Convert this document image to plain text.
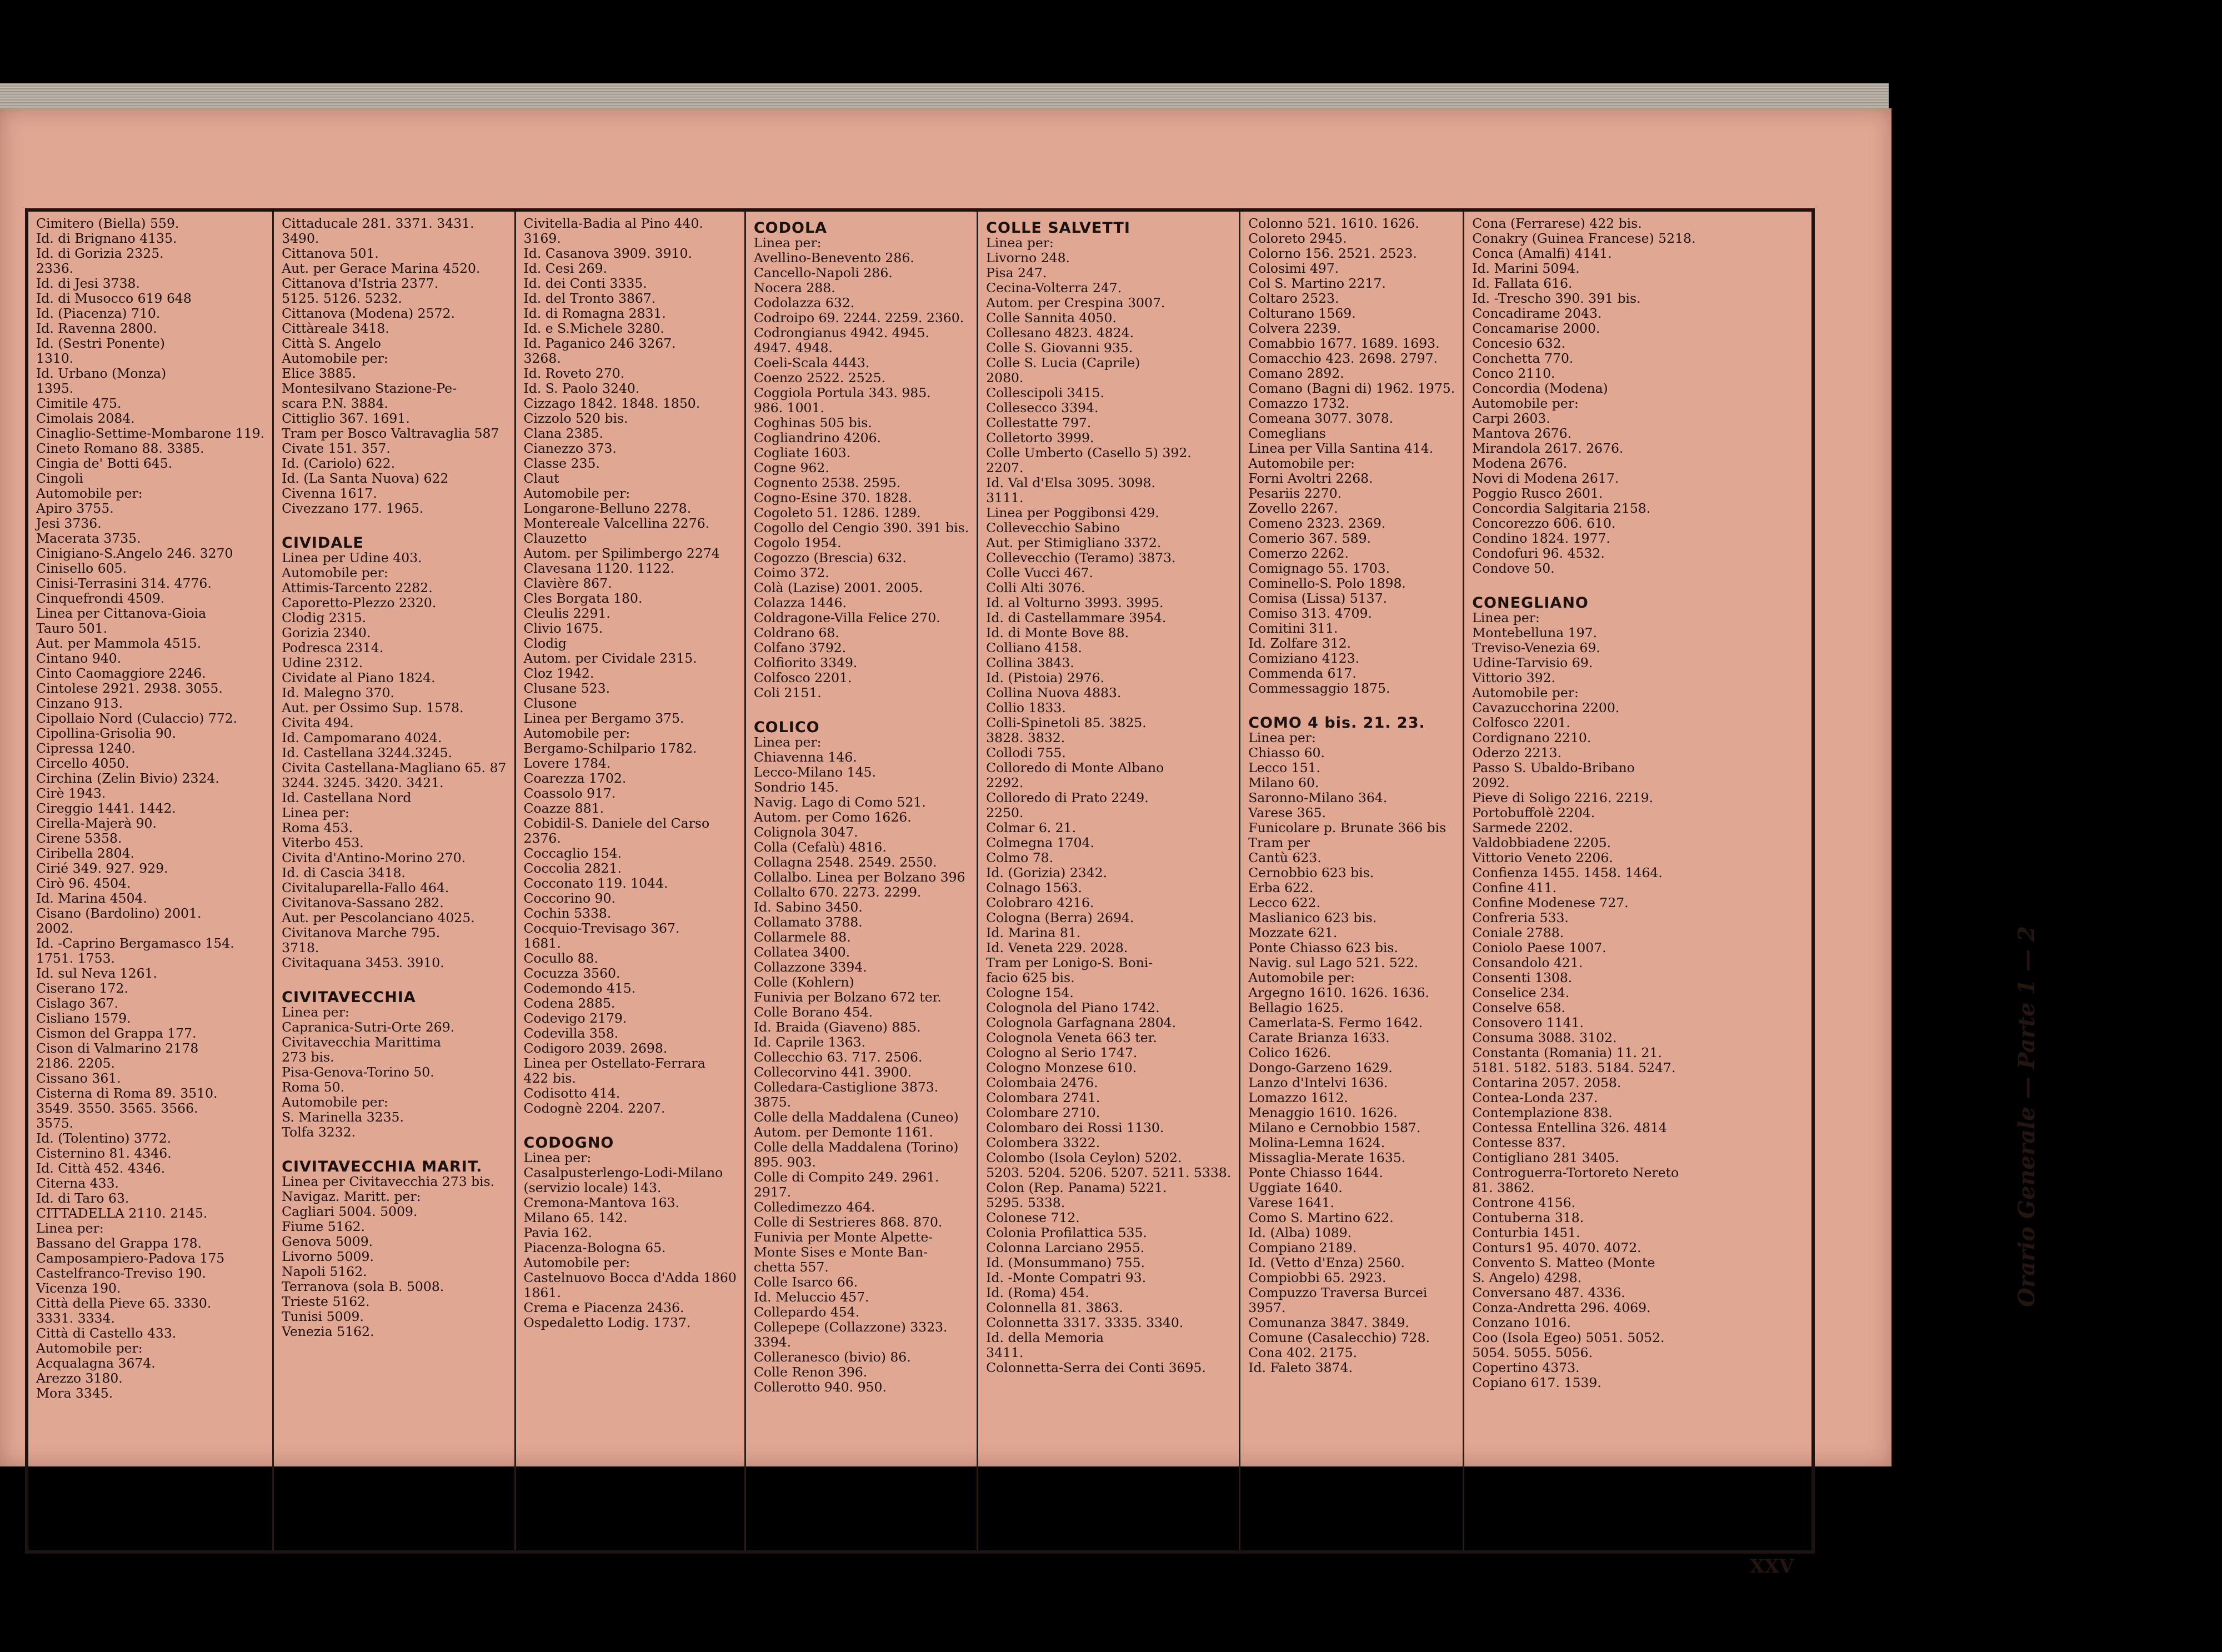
Cimitero (Biella) 559.
Id. di Brignano 4135.
Id. di Gorizia 2325.
2336.
Id. di Jesi 3738.
Id. di Musocco 619 648
Id. (Piacenza) 710.
Id. Ravenna 2800.
Id. (Sestri Ponente)
1310.
Id. Urbano (Monza)
1395.
Cimitile 475.
Cimolais 2084.
Cinaglio-Settime-Mombarone 119.
Cineto Romano 88. 3385.
Cingia de' Botti 645.
Cingoli
Automobile per:
Apiro 3755.
Jesi 3736.
Macerata 3735.
Cinigiano-S.Angelo 246. 3270
Cinisello 605.
Cinisi-Terrasini 314. 4776.
Cinquefrondi 4509.
Linea per Cittanova-Gioia
Tauro 501.
Aut. per Mammola 4515.
Cintano 940.
Cinto Caomaggiore 2246.
Cintolese 2921. 2938. 3055.
Cinzano 913.
Cipollaio Nord (Culaccio) 772.
Cipollina-Grisolia 90.
Cipressa 1240.
Circello 4050.
Circhina (Zelin Bivio) 2324.
Cirè 1943.
Cireggio 1441. 1442.
Cirella-Majerà 90.
Cirene 5358.
Ciribella 2804.
Cirié 349. 927. 929.
Cirò 96. 4504.
Id. Marina 4504.
Cisano (Bardolino) 2001.
2002.
Id. -Caprino Bergamasco 154.
1751. 1753.
Id. sul Neva 1261.
Ciserano 172.
Cislago 367.
Cisliano 1579.
Cismon del Grappa 177.
Cison di Valmarino 2178
2186. 2205.
Cissano 361.
Cisterna di Roma 89. 3510.
3549. 3550. 3565. 3566.
3575.
Id. (Tolentino) 3772.
Cisternino 81. 4346.
Id. Città 452. 4346.
Citerna 433.
Id. di Taro 63.
CITTADELLA 2110. 2145.
Linea per:
Bassano del Grappa 178.
Camposampiero-Padova 175
Castelfranco-Treviso 190.
Vicenza 190.
Città della Pieve 65. 3330.
3331. 3334.
Città di Castello 433.
Automobile per:
Acqualagna 3674.
Arezzo 3180.
Mora 3345.
Cittaducale 281. 3371. 3431.
3490.
Cittanova 501.
Aut. per Gerace Marina 4520.
Cittanova d'Istria 2377.
5125. 5126. 5232.
Cittanova (Modena) 2572.
Cittàreale 3418.
Città S. Angelo
Automobile per:
Elice 3885.
Montesilvano Stazione-Pe-
scara P.N. 3884.
Cittiglio 367. 1691.
Tram per Bosco Valtravaglia 587
Civate 151. 357.
Id. (Cariolo) 622.
Id. (La Santa Nuova) 622
Civenna 1617.
Civezzano 177. 1965.

CIVIDALE
Linea per Udine 403.
Automobile per:
Attimis-Tarcento 2282.
Caporetto-Plezzo 2320.
Clodig 2315.
Gorizia 2340.
Podresca 2314.
Udine 2312.
Cividate al Piano 1824.
Id. Malegno 370.
Aut. per Ossimo Sup. 1578.
Civita 494.
Id. Campomarano 4024.
Id. Castellana 3244.3245.
Civita Castellana-Magliano 65. 87
3244. 3245. 3420. 3421.
Id. Castellana Nord
Linea per:
Roma 453.
Viterbo 453.
Civita d'Antino-Morino 270.
Id. di Cascia 3418.
Civitaluparella-Fallo 464.
Civitanova-Sassano 282.
Aut. per Pescolanciano 4025.
Civitanova Marche 795.
3718.
Civitaquana 3453. 3910.

CIVITAVECCHIA
Linea per:
Capranica-Sutri-Orte 269.
Civitavecchia Marittima
273 bis.
Pisa-Genova-Torino 50.
Roma 50.
Automobile per:
S. Marinella 3235.
Tolfa 3232.

CIVITAVECCHIA MARIT.
Linea per Civitavecchia 273 bis.
Navigaz. Maritt. per:
Cagliari 5004. 5009.
Fiume 5162.
Genova 5009.
Livorno 5009.
Napoli 5162.
Terranova (sola B. 5008.
Trieste 5162.
Tunisi 5009.
Venezia 5162.
Civitella-Badia al Pino 440.
3169.
Id. Casanova 3909. 3910.
Id. Cesi 269.
Id. dei Conti 3335.
Id. del Tronto 3867.
Id. di Romagna 2831.
Id. e S.Michele 3280.
Id. Paganico 246 3267.
3268.
Id. Roveto 270.
Id. S. Paolo 3240.
Cizzago 1842. 1848. 1850.
Cizzolo 520 bis.
Clana 2385.
Cianezzo 373.
Classe 235.
Claut
Automobile per:
Longarone-Belluno 2278.
Montereale Valcellina 2276.
Clauzetto
Autom. per Spilimbergo 2274
Clavesana 1120. 1122.
Clavière 867.
Cles Borgata 180.
Cleulis 2291.
Clivio 1675.
Clodig
Autom. per Cividale 2315.
Cloz 1942.
Clusane 523.
Clusone
Linea per Bergamo 375.
Automobile per:
Bergamo-Schilpario 1782.
Lovere 1784.
Coarezza 1702.
Coassolo 917.
Coazze 881.
Cobidil-S. Daniele del Carso
2376.
Coccaglio 154.
Coccolia 2821.
Cocconato 119. 1044.
Coccorino 90.
Cochin 5338.
Cocquio-Trevisago 367.
1681.
Cocullo 88.
Cocuzza 3560.
Codemondo 415.
Codena 2885.
Codevigo 2179.
Codevilla 358.
Codigoro 2039. 2698.
Linea per Ostellato-Ferrara
422 bis.
Codisotto 414.
Codognè 2204. 2207.

CODOGNO
Linea per:
Casalpusterlengo-Lodi-Milano
(servizio locale) 143.
Cremona-Mantova 163.
Milano 65. 142.
Pavia 162.
Piacenza-Bologna 65.
Automobile per:
Castelnuovo Bocca d'Adda 1860
1861.
Crema e Piacenza 2436.
Ospedaletto Lodig. 1737.
CODOLA
Linea per:
Avellino-Benevento 286.
Cancello-Napoli 286.
Nocera 288.
Codolazza 632.
Codroipo 69. 2244. 2259. 2360.
Codrongianus 4942. 4945.
4947. 4948.
Coeli-Scala 4443.
Coenzo 2522. 2525.
Coggiola Portula 343. 985.
986. 1001.
Coghinas 505 bis.
Cogliandrino 4206.
Cogliate 1603.
Cogne 962.
Cognento 2538. 2595.
Cogno-Esine 370. 1828.
Cogoleto 51. 1286. 1289.
Cogollo del Cengio 390. 391 bis.
Cogolo 1954.
Cogozzo (Brescia) 632.
Coimo 372.
Colà (Lazise) 2001. 2005.
Colazza 1446.
Coldragone-Villa Felice 270.
Coldrano 68.
Colfano 3792.
Colfiorito 3349.
Colfosco 2201.
Coli 2151.

COLICO
Linea per:
Chiavenna 146.
Lecco-Milano 145.
Sondrio 145.
Navig. Lago di Como 521.
Autom. per Como 1626.
Colignola 3047.
Colla (Cefalù) 4816.
Collagna 2548. 2549. 2550.
Collalbo. Linea per Bolzano 396
Collalto 670. 2273. 2299.
Id. Sabino 3450.
Collamato 3788.
Collarmele 88.
Collatea 3400.
Collazzone 3394.
Colle (Kohlern)
Funivia per Bolzano 672 ter.
Colle Borano 454.
Id. Braida (Giaveno) 885.
Id. Caprile 1363.
Collecchio 63. 717. 2506.
Collecorvino 441. 3900.
Colledara-Castiglione 3873.
3875.
Colle della Maddalena (Cuneo)
Autom. per Demonte 1161.
Colle della Maddalena (Torino)
895. 903.
Colle di Compito 249. 2961.
2917.
Colledimezzo 464.
Colle di Sestrieres 868. 870.
Funivia per Monte Alpette-
Monte Sises e Monte Ban-
chetta 557.
Colle Isarco 66.
Id. Meluccio 457.
Collepardo 454.
Collepepe (Collazzone) 3323.
3394.
Colleranesco (bivio) 86.
Colle Renon 396.
Collerotto 940. 950.
COLLE SALVETTI
Linea per:
Livorno 248.
Pisa 247.
Cecina-Volterra 247.
Autom. per Crespina 3007.
Colle Sannita 4050.
Collesano 4823. 4824.
Colle S. Giovanni 935.
Colle S. Lucia (Caprile)
2080.
Collescipoli 3415.
Collesecco 3394.
Collestatte 797.
Colletorto 3999.
Colle Umberto (Casello 5) 392.
2207.
Id. Val d'Elsa 3095. 3098.
3111.
Linea per Poggibonsi 429.
Collevecchio Sabino
Aut. per Stimigliano 3372.
Collevecchio (Teramo) 3873.
Colle Vucci 467.
Colli Alti 3076.
Id. al Volturno 3993. 3995.
Id. di Castellammare 3954.
Id. di Monte Bove 88.
Colliano 4158.
Collina 3843.
Id. (Pistoia) 2976.
Collina Nuova 4883.
Collio 1833.
Colli-Spinetoli 85. 3825.
3828. 3832.
Collodi 755.
Colloredo di Monte Albano
2292.
Colloredo di Prato 2249.
2250.
Colmar 6. 21.
Colmegna 1704.
Colmo 78.
Id. (Gorizia) 2342.
Colnago 1563.
Colobraro 4216.
Cologna (Berra) 2694.
Id. Marina 81.
Id. Veneta 229. 2028.
Tram per Lonigo-S. Boni-
facio 625 bis.
Cologne 154.
Colognola del Piano 1742.
Colognola Garfagnana 2804.
Colognola Veneta 663 ter.
Cologno al Serio 1747.
Cologno Monzese 610.
Colombaia 2476.
Colombara 2741.
Colombare 2710.
Colombaro dei Rossi 1130.
Colombera 3322.
Colombo (Isola Ceylon) 5202.
5203. 5204. 5206. 5207. 5211. 5338.
Colon (Rep. Panama) 5221.
5295. 5338.
Colonese 712.
Colonia Profilattica 535.
Colonna Larciano 2955.
Id. (Monsummano) 755.
Id. -Monte Compatri 93.
Id. (Roma) 454.
Colonnella 81. 3863.
Colonnetta 3317. 3335. 3340.
Id. della Memoria
3411.
Colonnetta-Serra dei Conti 3695.
Colonno 521. 1610. 1626.
Coloreto 2945.
Colorno 156. 2521. 2523.
Colosimi 497.
Col S. Martino 2217.
Coltaro 2523.
Colturano 1569.
Colvera 2239.
Comabbio 1677. 1689. 1693.
Comacchio 423. 2698. 2797.
Comano 2892.
Comano (Bagni di) 1962. 1975.
Comazzo 1732.
Comeana 3077. 3078.
Comeglians
Linea per Villa Santina 414.
Automobile per:
Forni Avoltri 2268.
Pesariis 2270.
Zovello 2267.
Comeno 2323. 2369.
Comerio 367. 589.
Comerzo 2262.
Comignago 55. 1703.
Cominello-S. Polo 1898.
Comisa (Lissa) 5137.
Comiso 313. 4709.
Comitini 311.
Id. Zolfare 312.
Comiziano 4123.
Commenda 617.
Commessaggio 1875.

COMO 4 bis. 21. 23.
Linea per:
Chiasso 60.
Lecco 151.
Milano 60.
Saronno-Milano 364.
Varese 365.
Funicolare p. Brunate 366 bis
Tram per
Cantù 623.
Cernobbio 623 bis.
Erba 622.
Lecco 622.
Maslianico 623 bis.
Mozzate 621.
Ponte Chiasso 623 bis.
Navig. sul Lago 521. 522.
Automobile per:
Argegno 1610. 1626. 1636.
Bellagio 1625.
Camerlata-S. Fermo 1642.
Carate Brianza 1633.
Colico 1626.
Dongo-Garzeno 1629.
Lanzo d'Intelvi 1636.
Lomazzo 1612.
Menaggio 1610. 1626.
Milano e Cernobbio 1587.
Molina-Lemna 1624.
Missaglia-Merate 1635.
Ponte Chiasso 1644.
Uggiate 1640.
Varese 1641.
Como S. Martino 622.
Id. (Alba) 1089.
Compiano 2189.
Id. (Vetto d'Enza) 2560.
Compiobbi 65. 2923.
Compuzzo Traversa Burcei
3957.
Comunanza 3847. 3849.
Comune (Casalecchio) 728.
Cona 402. 2175.
Id. Faleto 3874.
Cona (Ferrarese) 422 bis.
Conakry (Guinea Francese) 5218.
Conca (Amalfi) 4141.
Id. Marini 5094.
Id. Fallata 616.
Id. -Trescho 390. 391 bis.
Concadirame 2043.
Concamarise 2000.
Concesio 632.
Conchetta 770.
Conco 2110.
Concordia (Modena)
Automobile per:
Carpi 2603.
Mantova 2676.
Mirandola 2617. 2676.
Modena 2676.
Novi di Modena 2617.
Poggio Rusco 2601.
Concordia Salgitaria 2158.
Concorezzo 606. 610.
Condino 1824. 1977.
Condofuri 96. 4532.
Condove 50.

CONEGLIANO
Linea per:
Montebelluna 197.
Treviso-Venezia 69.
Udine-Tarvisio 69.
Vittorio 392.
Automobile per:
Cavazucchorina 2200.
Colfosco 2201.
Cordignano 2210.
Oderzo 2213.
Passo S. Ubaldo-Bribano
2092.
Pieve di Soligo 2216. 2219.
Portobuffolè 2204.
Sarmede 2202.
Valdobbiadene 2205.
Vittorio Veneto 2206.
Confienza 1455. 1458. 1464.
Confine 411.
Confine Modenese 727.
Confreria 533.
Coniale 2788.
Coniolo Paese 1007.
Consandolo 421.
Consenti 1308.
Conselice 234.
Conselve 658.
Consovero 1141.
Consuma 3088. 3102.
Constanta (Romania) 11. 21.
5181. 5182. 5183. 5184. 5247.
Contarina 2057. 2058.
Contea-Londa 237.
Contemplazione 838.
Contessa Entellina 326. 4814
Contesse 837.
Contigliano 281 3405.
Controguerra-Tortoreto Nereto
81. 3862.
Controne 4156.
Contuberna 318.
Conturbia 1451.
Conturs1 95. 4070. 4072.
Convento S. Matteo (Monte
S. Angelo) 4298.
Conversano 487. 4336.
Conza-Andretta 296. 4069.
Conzano 1016.
Coo (Isola Egeo) 5051. 5052.
5054. 5055. 5056.
Copertino 4373.
Copiano 617. 1539.
Orario Generale — Parte 1 — 2
XXV
